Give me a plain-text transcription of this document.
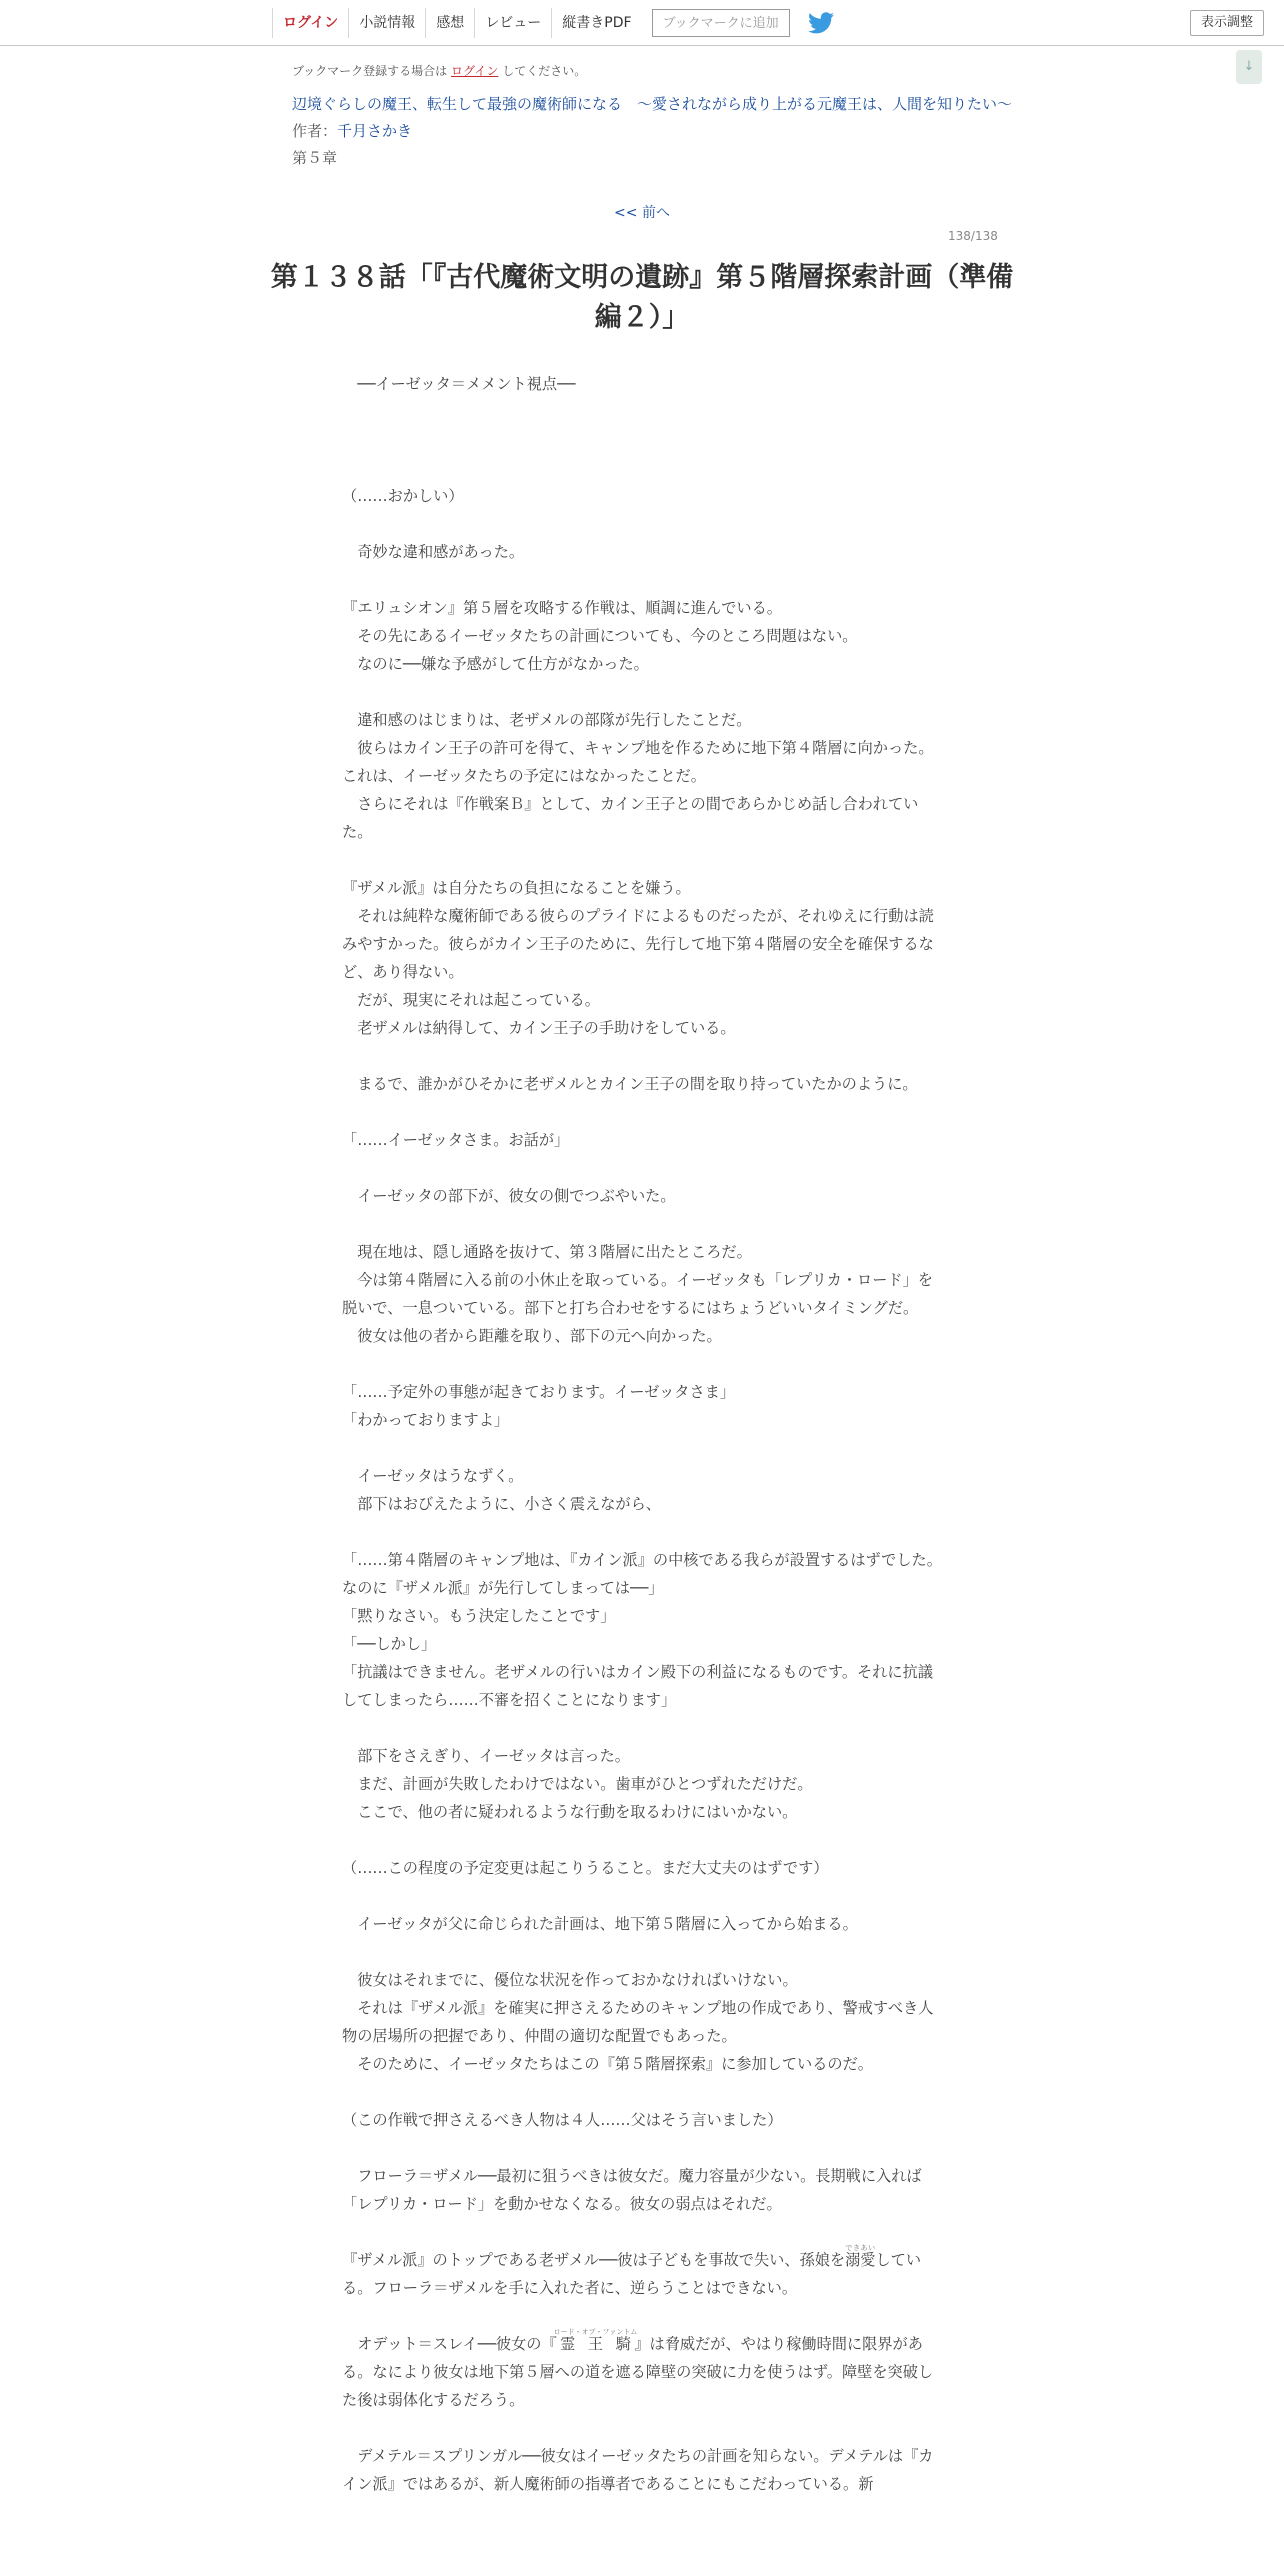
ログイン	小説情報	感想	レビュー	縦書きPDF	ブックマークに追加	表示調整
↓
ブックマーク登録する場合は ログイン してください。
辺境ぐらしの魔王、転生して最強の魔術師になる　〜愛されながら成り上がる元魔王は、人間を知りたい〜
作者：千月さかき
第５章
<< 前へ
138/138
第１３８話「『古代魔術文明の遺跡』第５階層探索計画（準備編２）」

　──イーゼッタ＝メメント視点──

（……おかしい）

　奇妙な違和感があった。

『エリュシオン』第５層を攻略する作戦は、順調に進んでいる。
　その先にあるイーゼッタたちの計画についても、今のところ問題はない。
　なのに──嫌な予感がして仕方がなかった。

　違和感のはじまりは、老ザメルの部隊が先行したことだ。
　彼らはカイン王子の許可を得て、キャンプ地を作るために地下第４階層に向かった。これは、イーゼッタたちの予定にはなかったことだ。
　さらにそれは『作戦案Ｂ』として、カイン王子との間であらかじめ話し合われていた。

『ザメル派』は自分たちの負担になることを嫌う。
　それは純粋な魔術師である彼らのプライドによるものだったが、それゆえに行動は読みやすかった。彼らがカイン王子のために、先行して地下第４階層の安全を確保するなど、あり得ない。
　だが、現実にそれは起こっている。
　老ザメルは納得して、カイン王子の手助けをしている。

　まるで、誰かがひそかに老ザメルとカイン王子の間を取り持っていたかのように。

「……イーゼッタさま。お話が」

　イーゼッタの部下が、彼女の側でつぶやいた。

　現在地は、隠し通路を抜けて、第３階層に出たところだ。
　今は第４階層に入る前の小休止を取っている。イーゼッタも「レプリカ・ロード」を脱いで、一息ついている。部下と打ち合わせをするにはちょうどいいタイミングだ。
　彼女は他の者から距離を取り、部下の元へ向かった。

「……予定外の事態が起きております。イーゼッタさま」
「わかっておりますよ」

　イーゼッタはうなずく。
　部下はおびえたように、小さく震えながら、

「……第４階層のキャンプ地は、『カイン派』の中核である我らが設置するはずでした。なのに『ザメル派』が先行してしまっては──」
「黙りなさい。もう決定したことです」
「──しかし」
「抗議はできません。老ザメルの行いはカイン殿下の利益になるものです。それに抗議してしまったら……不審を招くことになります」

　部下をさえぎり、イーゼッタは言った。
　まだ、計画が失敗したわけではない。歯車がひとつずれただけだ。
　ここで、他の者に疑われるような行動を取るわけにはいかない。

（……この程度の予定変更は起こりうること。まだ大丈夫のはずです）

　イーゼッタが父に命じられた計画は、地下第５階層に入ってから始まる。

　彼女はそれまでに、優位な状況を作っておかなければいけない。
　それは『ザメル派』を確実に押さえるためのキャンプ地の作成であり、警戒すべき人物の居場所の把握であり、仲間の適切な配置でもあった。
　そのために、イーゼッタたちはこの『第５階層探索』に参加しているのだ。

（この作戦で押さえるべき人物は４人……父はそう言いました）

　フローラ＝ザメル──最初に狙うべきは彼女だ。魔力容量が少ない。長期戦に入れば「レプリカ・ロード」を動かせなくなる。彼女の弱点はそれだ。

『ザメル派』のトップである老ザメル──彼は子どもを事故で失い、孫娘を溺愛できあいしている。フローラ＝ザメルを手に入れた者に、逆らうことはできない。

　オデット＝スレイ──彼女の『霊王騎ロード・オブ・ファントム』は脅威だが、やはり稼働時間に限界がある。なにより彼女は地下第５層への道を遮る障壁の突破に力を使うはず。障壁を突破した後は弱体化するだろう。

　デメテル＝スプリンガル──彼女はイーゼッタたちの計画を知らない。デメテルは『カイン派』ではあるが、新人魔術師の指導者であることにもこだわっている。新
